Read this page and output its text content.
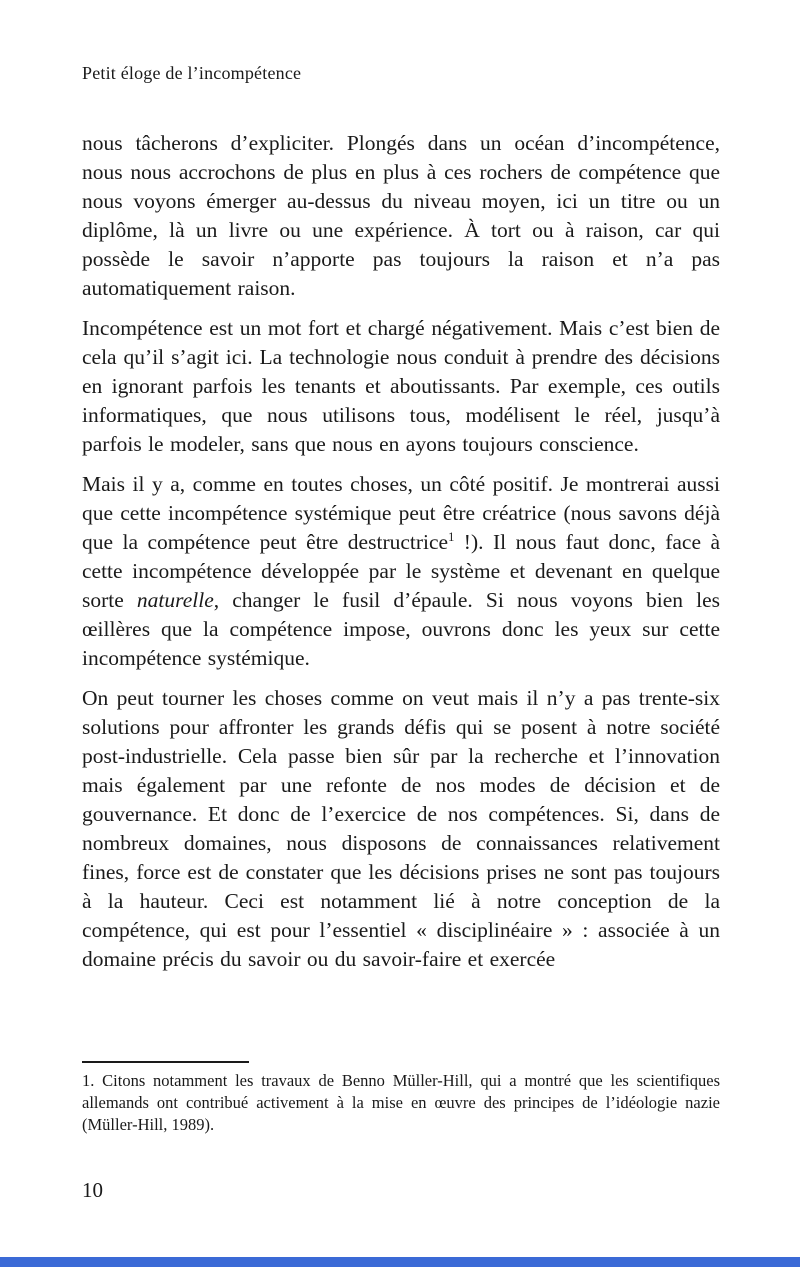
Petit éloge de l’incompétence

nous tâcherons d’expliciter. Plongés dans un océan d’incompétence, nous nous accrochons de plus en plus à ces rochers de compétence que nous voyons émerger au-dessus du niveau moyen, ici un titre ou un diplôme, là un livre ou une expérience. À tort ou à raison, car qui possède le savoir n’apporte pas toujours la raison et n’a pas automatiquement raison.

Incompétence est un mot fort et chargé négativement. Mais c’est bien de cela qu’il s’agit ici. La technologie nous conduit à prendre des décisions en ignorant parfois les tenants et aboutissants. Par exemple, ces outils informatiques, que nous utilisons tous, modélisent le réel, jusqu’à parfois le modeler, sans que nous en ayons toujours conscience.

Mais il y a, comme en toutes choses, un côté positif. Je montrerai aussi que cette incompétence systémique peut être créatrice (nous savons déjà que la compétence peut être destructrice$^1$ !). Il nous faut donc, face à cette incompétence développée par le système et devenant en quelque sorte naturelle, changer le fusil d’épaule. Si nous voyons bien les œillères que la compétence impose, ouvrons donc les yeux sur cette incompétence systémique.

On peut tourner les choses comme on veut mais il n’y a pas trente-six solutions pour affronter les grands défis qui se posent à notre société post-industrielle. Cela passe bien sûr par la recherche et l’innovation mais également par une refonte de nos modes de décision et de gouvernance. Et donc de l’exercice de nos compétences. Si, dans de nombreux domaines, nous disposons de connaissances relativement fines, force est de constater que les décisions prises ne sont pas toujours à la hauteur. Ceci est notamment lié à notre conception de la compétence, qui est pour l’essentiel « disciplinéaire » : associée à un domaine précis du savoir ou du savoir-faire et exercée

1. Citons notamment les travaux de Benno Müller-Hill, qui a montré que les scientifiques allemands ont contribué activement à la mise en œuvre des principes de l’idéologie nazie (Müller-Hill, 1989).
10
